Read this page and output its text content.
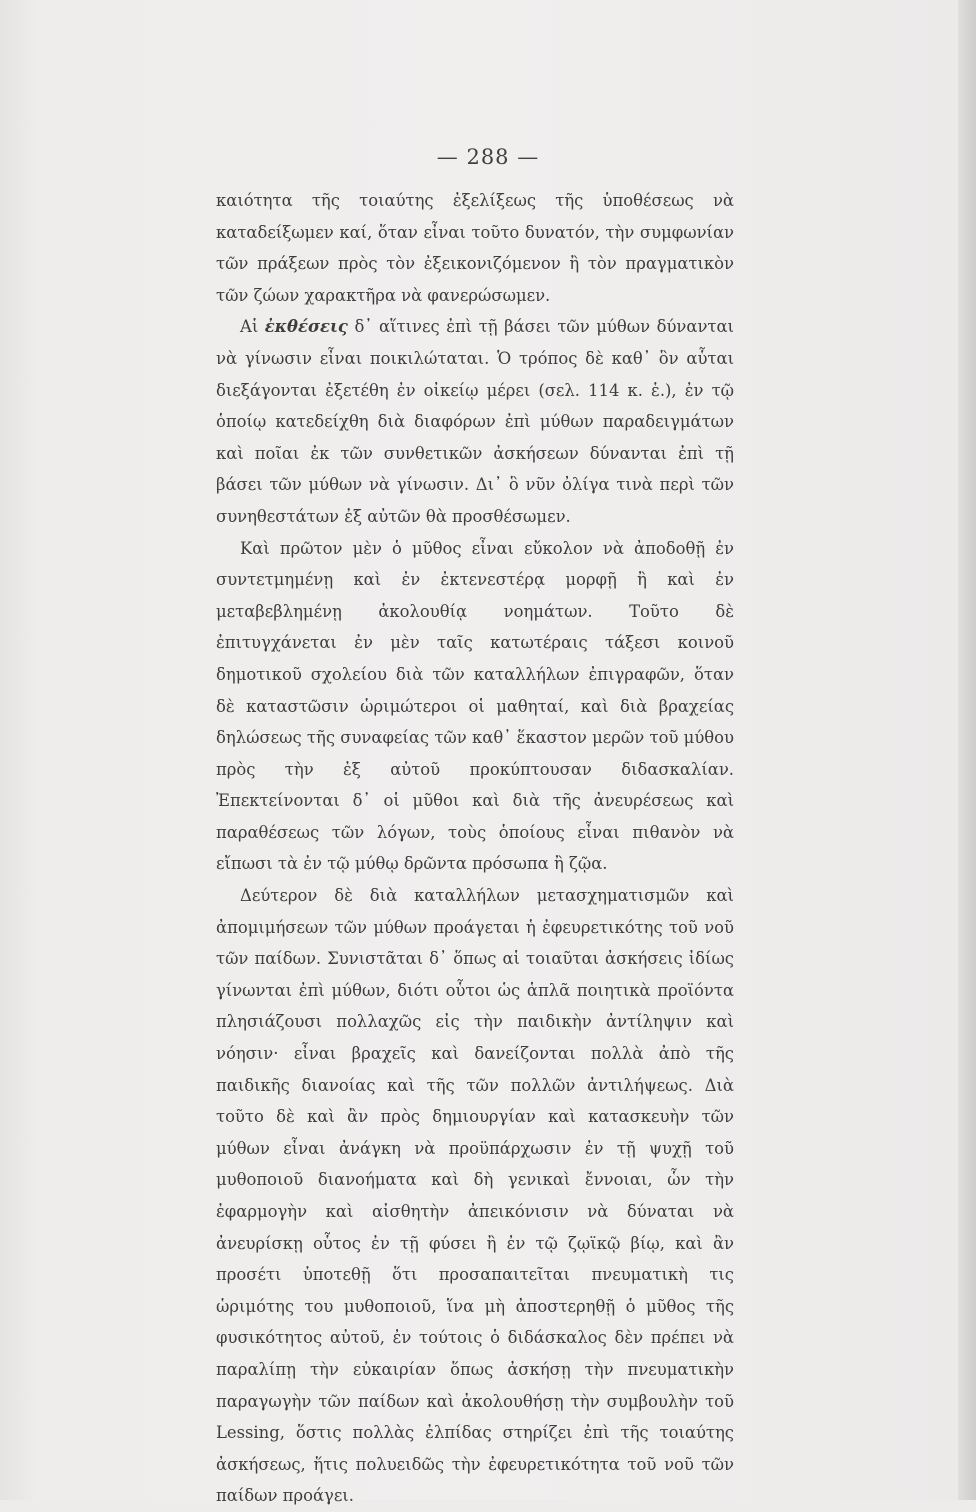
— 288 —

καιότητα τῆς τοιαύτης ἐξελίξεως τῆς ὑποθέσεως νὰ καταδείξωμεν καί, ὅταν εἶναι τοῦτο δυνατόν, τὴν συμφωνίαν τῶν πράξεων πρὸς τὸν ἐξεικονιζόμενον ἢ τὸν πραγματικὸν τῶν ζώων χαρακτῆρα νὰ φανερώσωμεν.

Αἱ ἐκθέσεις δ᾽ αἵτινες ἐπὶ τῇ βάσει τῶν μύθων δύνανται νὰ γίνωσιν εἶναι ποικιλώταται. Ὁ τρόπος δὲ καθ᾽ ὃν αὗται διεξάγονται ἐξετέθη ἐν οἰκείῳ μέρει (σελ. 114 κ. ἑ.), ἐν τῷ ὁποίῳ κατεδείχθη διὰ διαφόρων ἐπὶ μύθων παραδειγμάτων καὶ ποῖαι ἐκ τῶν συνθετικῶν ἀσκήσεων δύνανται ἐπὶ τῇ βάσει τῶν μύθων νὰ γίνωσιν. Δι᾽ ὃ νῦν ὀλίγα τινὰ περὶ τῶν συνηθεστάτων ἐξ αὐτῶν θὰ προσθέσωμεν.

Καὶ πρῶτον μὲν ὁ μῦθος εἶναι εὔκολον νὰ ἀποδοθῇ ἐν συντετμημένῃ καὶ ἐν ἐκτενεστέρᾳ μορφῇ ἢ καὶ ἐν μεταβεβλημένῃ ἀκολουθίᾳ νοημάτων. Τοῦτο δὲ ἐπιτυγχάνεται ἐν μὲν ταῖς κατωτέραις τάξεσι κοινοῦ δημοτικοῦ σχολείου διὰ τῶν καταλλήλων ἐπιγραφῶν, ὅταν δὲ καταστῶσιν ὡριμώτεροι οἱ μαθηταί, καὶ διὰ βραχείας δηλώσεως τῆς συναφείας τῶν καθ᾽ ἕκαστον μερῶν τοῦ μύθου πρὸς τὴν ἐξ αὐτοῦ προκύπτουσαν διδασκαλίαν. Ἐπεκτείνονται δ᾽ οἱ μῦθοι καὶ διὰ τῆς ἀνευρέσεως καὶ παραθέσεως τῶν λόγων, τοὺς ὁποίους εἶναι πιθανὸν νὰ εἴπωσι τὰ ἐν τῷ μύθῳ δρῶντα πρόσωπα ἢ ζῷα.

Δεύτερον δὲ διὰ καταλλήλων μετασχηματισμῶν καὶ ἀπομιμήσεων τῶν μύθων προάγεται ἡ ἐφευρετικότης τοῦ νοῦ τῶν παίδων. Συνιστᾶται δ᾽ ὅπως αἱ τοιαῦται ἀσκήσεις ἰδίως γίνωνται ἐπὶ μύθων, διότι οὗτοι ὡς ἁπλᾶ ποιητικὰ προϊόντα πλησιάζουσι πολλαχῶς εἰς τὴν παιδικὴν ἀντίληψιν καὶ νόησιν· εἶναι βραχεῖς καὶ δανείζονται πολλὰ ἀπὸ τῆς παιδικῆς διανοίας καὶ τῆς τῶν πολλῶν ἀντιλήψεως. Διὰ τοῦτο δὲ καὶ ἂν πρὸς δημιουργίαν καὶ κατασκευὴν τῶν μύθων εἶναι ἀνάγκη νὰ προϋπάρχωσιν ἐν τῇ ψυχῇ τοῦ μυθοποιοῦ διανοήματα καὶ δὴ γενικαὶ ἔννοιαι, ὧν τὴν ἐφαρμογὴν καὶ αἰσθητὴν ἀπεικόνισιν νὰ δύναται νὰ ἀνευρίσκῃ οὗτος ἐν τῇ φύσει ἢ ἐν τῷ ζῳϊκῷ βίῳ, καὶ ἂν προσέτι ὑποτεθῇ ὅτι προσαπαιτεῖται πνευματικὴ τις ὡριμότης του μυθοποιοῦ, ἵνα μὴ ἀποστερηθῇ ὁ μῦθος τῆς φυσικότητος αὐτοῦ, ἐν τούτοις ὁ διδάσκαλος δὲν πρέπει νὰ παραλίπῃ τὴν εὐκαιρίαν ὅπως ἀσκήσῃ τὴν πνευματικὴν παραγωγὴν τῶν παίδων καὶ ἀκολουθήσῃ τὴν συμβουλὴν τοῦ Lessing, ὅστις πολλὰς ἐλπίδας στηρίζει ἐπὶ τῆς τοιαύτης ἀσκήσεως, ἥτις πολυειδῶς τὴν ἐφευρετικότητα τοῦ νοῦ τῶν παίδων προάγει.
